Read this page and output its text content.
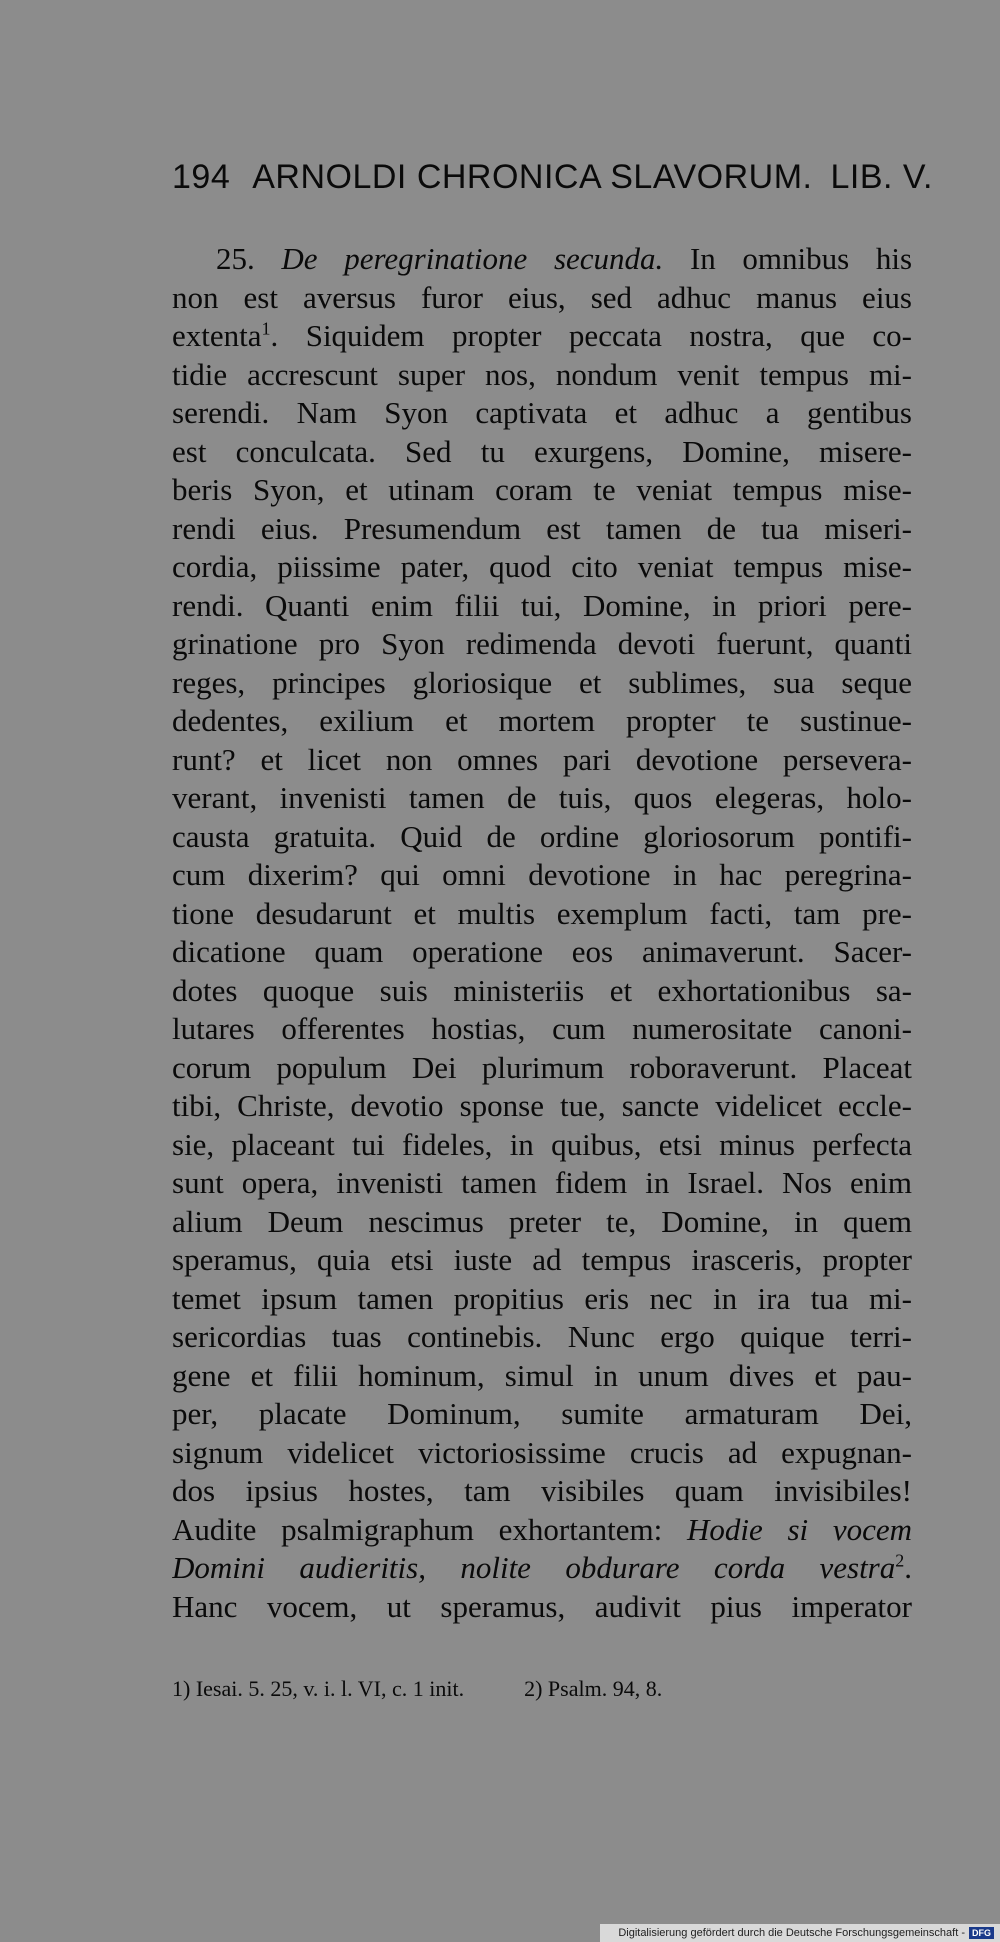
194 ARNOLDI CHRONICA SLAVORUM. LIB. V.
25. De peregrinatione secunda. In omnibus his
non est aversus furor eius, sed adhuc manus eius
extenta$^1$. Siquidem propter peccata nostra, que co-
tidie accrescunt super nos, nondum venit tempus mi-
serendi. Nam Syon captivata et adhuc a gentibus
est conculcata. Sed tu exurgens, Domine, misere-
beris Syon, et utinam coram te veniat tempus mise-
rendi eius. Presumendum est tamen de tua miseri-
cordia, piissime pater, quod cito veniat tempus mise-
rendi. Quanti enim filii tui, Domine, in priori pere-
grinatione pro Syon redimenda devoti fuerunt, quanti
reges, principes gloriosique et sublimes, sua seque
dedentes, exilium et mortem propter te sustinue-
runt? et licet non omnes pari devotione persevera-
verant, invenisti tamen de tuis, quos elegeras, holo-
causta gratuita. Quid de ordine gloriosorum pontifi-
cum dixerim? qui omni devotione in hac peregrina-
tione desudarunt et multis exemplum facti, tam pre-
dicatione quam operatione eos animaverunt. Sacer-
dotes quoque suis ministeriis et exhortationibus sa-
lutares offerentes hostias, cum numerositate canoni-
corum populum Dei plurimum roboraverunt. Placeat
tibi, Christe, devotio sponse tue, sancte videlicet eccle-
sie, placeant tui fideles, in quibus, etsi minus perfecta
sunt opera, invenisti tamen fidem in Israel. Nos enim
alium Deum nescimus preter te, Domine, in quem
speramus, quia etsi iuste ad tempus irasceris, propter
temet ipsum tamen propitius eris nec in ira tua mi-
sericordias tuas continebis. Nunc ergo quique terri-
gene et filii hominum, simul in unum dives et pau-
per, placate Dominum, sumite armaturam Dei,
signum videlicet victoriosissime crucis ad expugnan-
dos ipsius hostes, tam visibiles quam invisibiles!
Audite psalmigraphum exhortantem: Hodie si vocem
Domini audieritis, nolite obdurare corda vestra$^2$.
Hanc vocem, ut speramus, audivit pius imperator
1) Iesai. 5. 25, v. i. l. VI, c. 1 init.	2) Psalm. 94, 8.
Digitalisierung gefördert durch die Deutsche Forschungsgemeinschaft - DFG
